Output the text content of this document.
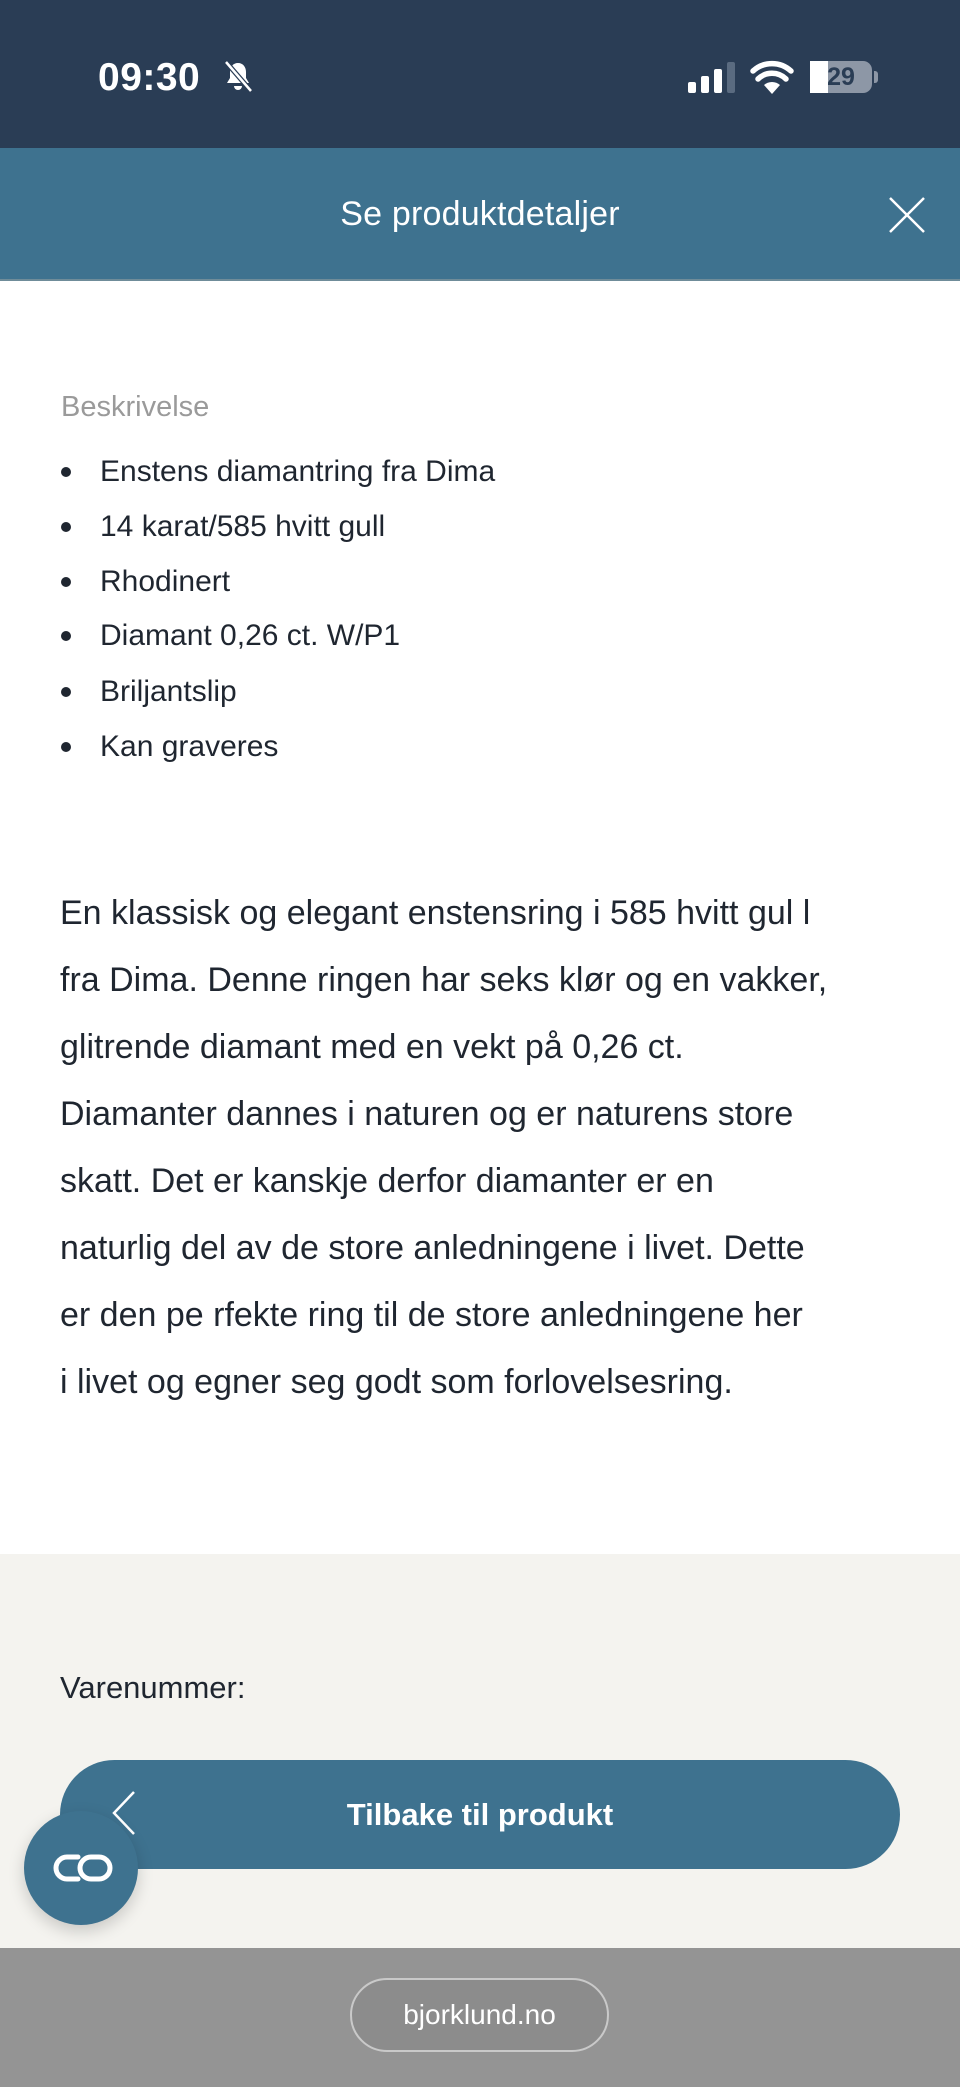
09:30	29
Se produktdetaljer
Beskrivelse
Enstens diamantring fra Dima
14 karat/585 hvitt gull
Rhodinert
Diamant 0,26 ct. W/P1
Briljantslip
Kan graveres
En klassisk og elegant enstensring i 585 hvitt gul l
fra Dima. Denne ringen har seks klør og en vakker,
glitrende diamant med en vekt på 0,26 ct.
Diamanter dannes i naturen og er naturens store
skatt. Det er kanskje derfor diamanter er en
naturlig del av de store anledningene i livet. Dette
er den pe rfekte ring til de store anledningene her
i livet og egner seg godt som forlovelsesring.
Varenummer:
Tilbake til produkt
bjorklund.no
